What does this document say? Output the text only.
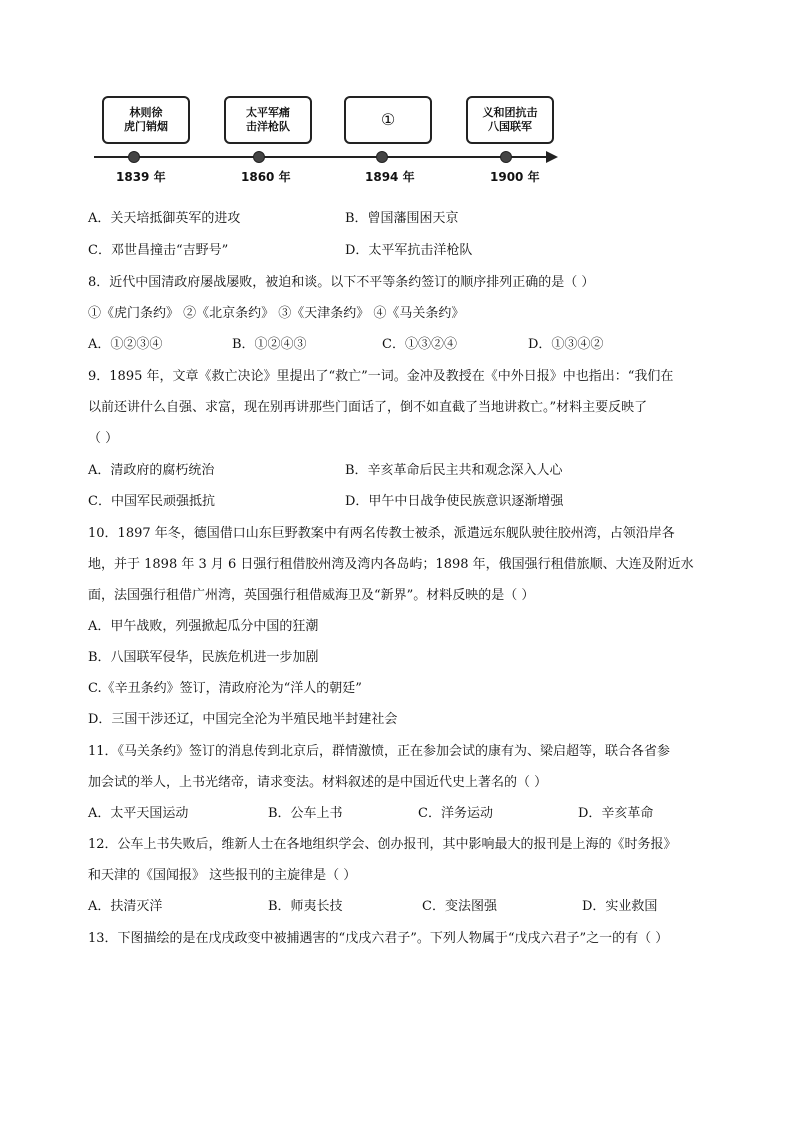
林则徐
虎门销烟
太平军痛
击洋枪队	①	义和团抗击
八国联军
1839 年	1860 年	1894 年	1900 年
A．关天培抵御英军的进攻	B．曾国藩围困天京
C．邓世昌撞击“吉野号”	D．太平军抗击洋枪队
8．近代中国清政府屡战屡败，被迫和谈。以下不平等条约签订的顺序排列正确的是（ ）
①《虎门条约》 ②《北京条约》 ③《天津条约》 ④《马关条约》
A．①②③④	B．①②④③	C．①③②④	D．①③④②
9．1895 年，文章《救亡决论》里提出了“救亡”一词。金冲及教授在《中外日报》中也指出：“我们在
以前还讲什么自强、求富，现在别再讲那些门面话了，倒不如直截了当地讲救亡。”材料主要反映了
（ ）
A．清政府的腐朽统治	B．辛亥革命后民主共和观念深入人心
C．中国军民顽强抵抗	D．甲午中日战争使民族意识逐渐增强
10．1897 年冬，德国借口山东巨野教案中有两名传教士被杀，派遣远东舰队驶往胶州湾，占领沿岸各
地，并于 1898 年 3 月 6 日强行租借胶州湾及湾内各岛屿；1898 年，俄国强行租借旅顺、大连及附近水
面，法国强行租借广州湾，英国强行租借威海卫及“新界”。材料反映的是（ ）
A．甲午战败，列强掀起瓜分中国的狂潮
B．八国联军侵华，民族危机进一步加剧
C.《辛丑条约》签订，清政府沦为“洋人的朝廷”
D．三国干涉还辽，中国完全沦为半殖民地半封建社会
11．《马关条约》签订的消息传到北京后，群情激愤，正在参加会试的康有为、梁启超等，联合各省参
加会试的举人，上书光绪帝，请求变法。材料叙述的是中国近代史上著名的（ ）
A．太平天国运动	B．公车上书	C．洋务运动	D．辛亥革命
12．公车上书失败后，维新人士在各地组织学会、创办报刊，其中影响最大的报刊是上海的《时务报》
和天津的《国闻报》 这些报刊的主旋律是（ ）
A．扶清灭洋	B．师夷长技	C．变法图强	D．实业救国
13．下图描绘的是在戊戌政变中被捕遇害的“戊戌六君子”。下列人物属于“戊戌六君子”之一的有（ ）
